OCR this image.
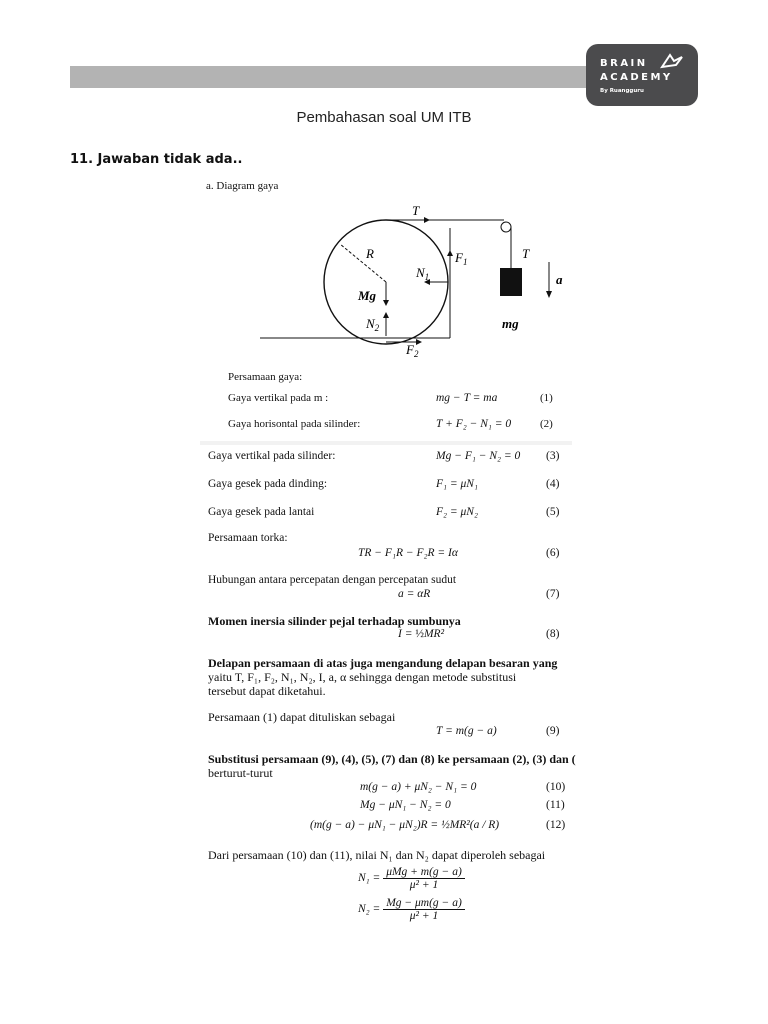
BRAIN
ACADEMY
By Ruangguru
Pembahasan soal UM ITB
11. Jawaban tidak ada..
a. Diagram gaya
T
T
R	$F_1$
$N_1$
Mg
$N_2$
$F_2$
a
mg
Persamaan gaya:
Gaya vertikal pada m :	mg − T = ma	(1)
Gaya horisontal pada silinder:	T + F₂ − N₁ = 0	(2)
Gaya vertikal pada silinder:	Mg − F₁ − N₂ = 0 (3)
Gaya gesek pada dinding:	F₁ = μN₁	(4)
Gaya gesek pada lantai	F₂ = μN₂	(5)
Persamaan torka:
TR − F₁R − F₂R = Iα	(6)
Hubungan antara percepatan dengan percepatan sudut
a = αR	(7)
Momen inersia silinder pejal terhadap sumbunya
I = ½MR²	(8)
Delapan persamaan di atas juga mengandung delapan besaran yang
yaitu T, F₁, F₂, N₁, N₂, I, a, α sehingga dengan metode substitusi
tersebut dapat diketahui.
Persamaan (1) dapat dituliskan sebagai
T = m(g − a)	(9)
Substitusi persamaan (9), (4), (5), (7) dan (8) ke persamaan (2), (3) dan (
berturut-turut
m(g − a) + μN₂ − N₁ = 0	(10)
Mg − μN₁ − N₂ = 0	(11)
(m(g − a) − μN₁ − μN₂)R = ½MR²(a / R)	(12)
Dari persamaan (10) dan (11), nilai N₁ dan N₂ dapat diperoleh sebagai
$N_1 = \frac{\text{μMg + m(g − a)}}{\text{μ² + 1}}$
$N_2 = \frac{Mg - \mu m(g - a)}{\text{μ² + 1}}$
